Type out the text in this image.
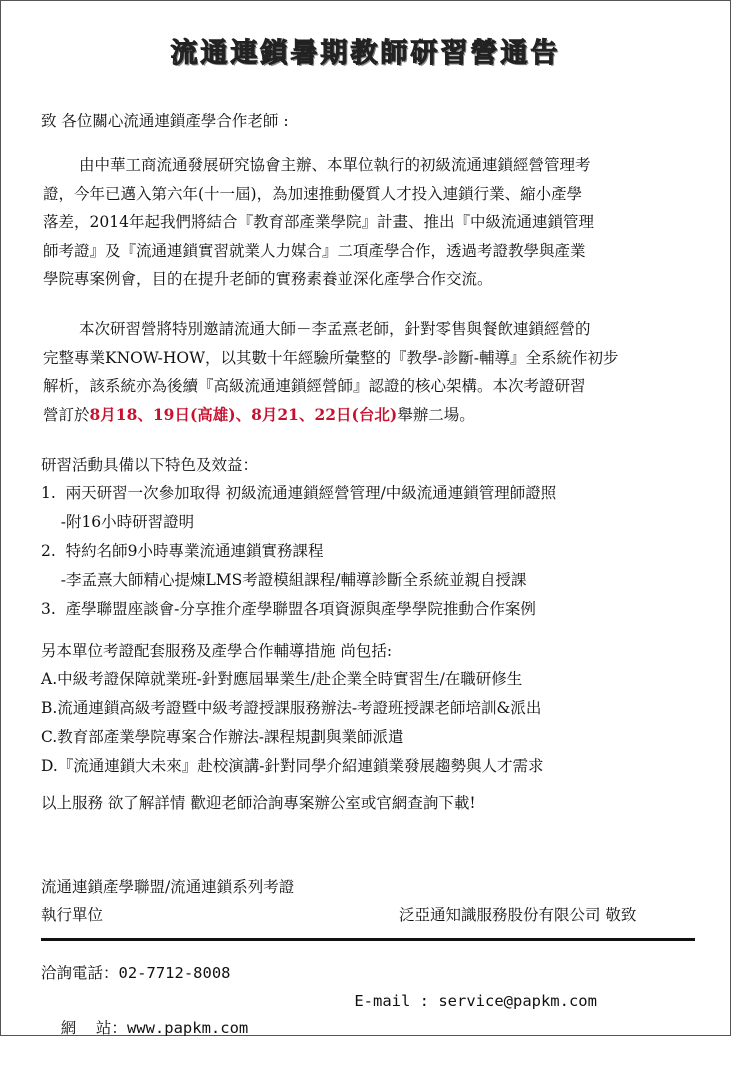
流通連鎖暑期教師研習營通告
致 各位關心流通連鎖產學合作老師 :

由中華工商流通發展研究協會主辦、本單位執行的初級流通連鎖經營管理考

證，今年已邁入第六年(十一屆)，為加速推動優質人才投入連鎖行業、縮小產學

落差，2014年起我們將結合『教育部產業學院』計畫、推出『中級流通連鎖管理

師考證』及『流通連鎖實習就業人力媒合』二項產學合作，透過考證教學與產業

學院專案例會，目的在提升老師的實務素養並深化產學合作交流。

本次研習營將特別邀請流通大師－李孟熹老師，針對零售與餐飲連鎖經營的

完整專業KNOW-HOW，以其數十年經驗所彙整的『教學-診斷-輔導』全系統作初步

解析，該系統亦為後續『高級流通連鎖經營師』認證的核心架構。本次考證研習

營訂於8月18、19日(高雄)、8月21、22日(台北)舉辦二場。

研習活動具備以下特色及效益：

1.  兩天研習一次參加取得 初級流通連鎖經營管理/中級流通連鎖管理師證照

-附16小時研習證明

2.  特約名師9小時專業流通連鎖實務課程

-李孟熹大師精心提煉LMS考證模組課程/輔導診斷全系統並親自授課

3.  產學聯盟座談會-分享推介產學聯盟各項資源與產學學院推動合作案例

另本單位考證配套服務及產學合作輔導措施 尚包括:

A.中級考證保障就業班-針對應屆畢業生/赴企業全時實習生/在職研修生

B.流通連鎖高級考證暨中級考證授課服務辦法-考證班授課老師培訓&派出

C.教育部產業學院專案合作辦法-課程規劃與業師派遣

D.『流通連鎖大未來』赴校演講-針對同學介紹連鎖業發展趨勢與人才需求

以上服務 欲了解詳情 歡迎老師洽詢專案辦公室或官網查詢下載!
流通連鎖產學聯盟/流通連鎖系列考證
執行單位	泛亞通知識服務股份有限公司 敬致
洽詢電話：02-7712-8008

E-mail : service@papkm.com

網    站：www.papkm.com
